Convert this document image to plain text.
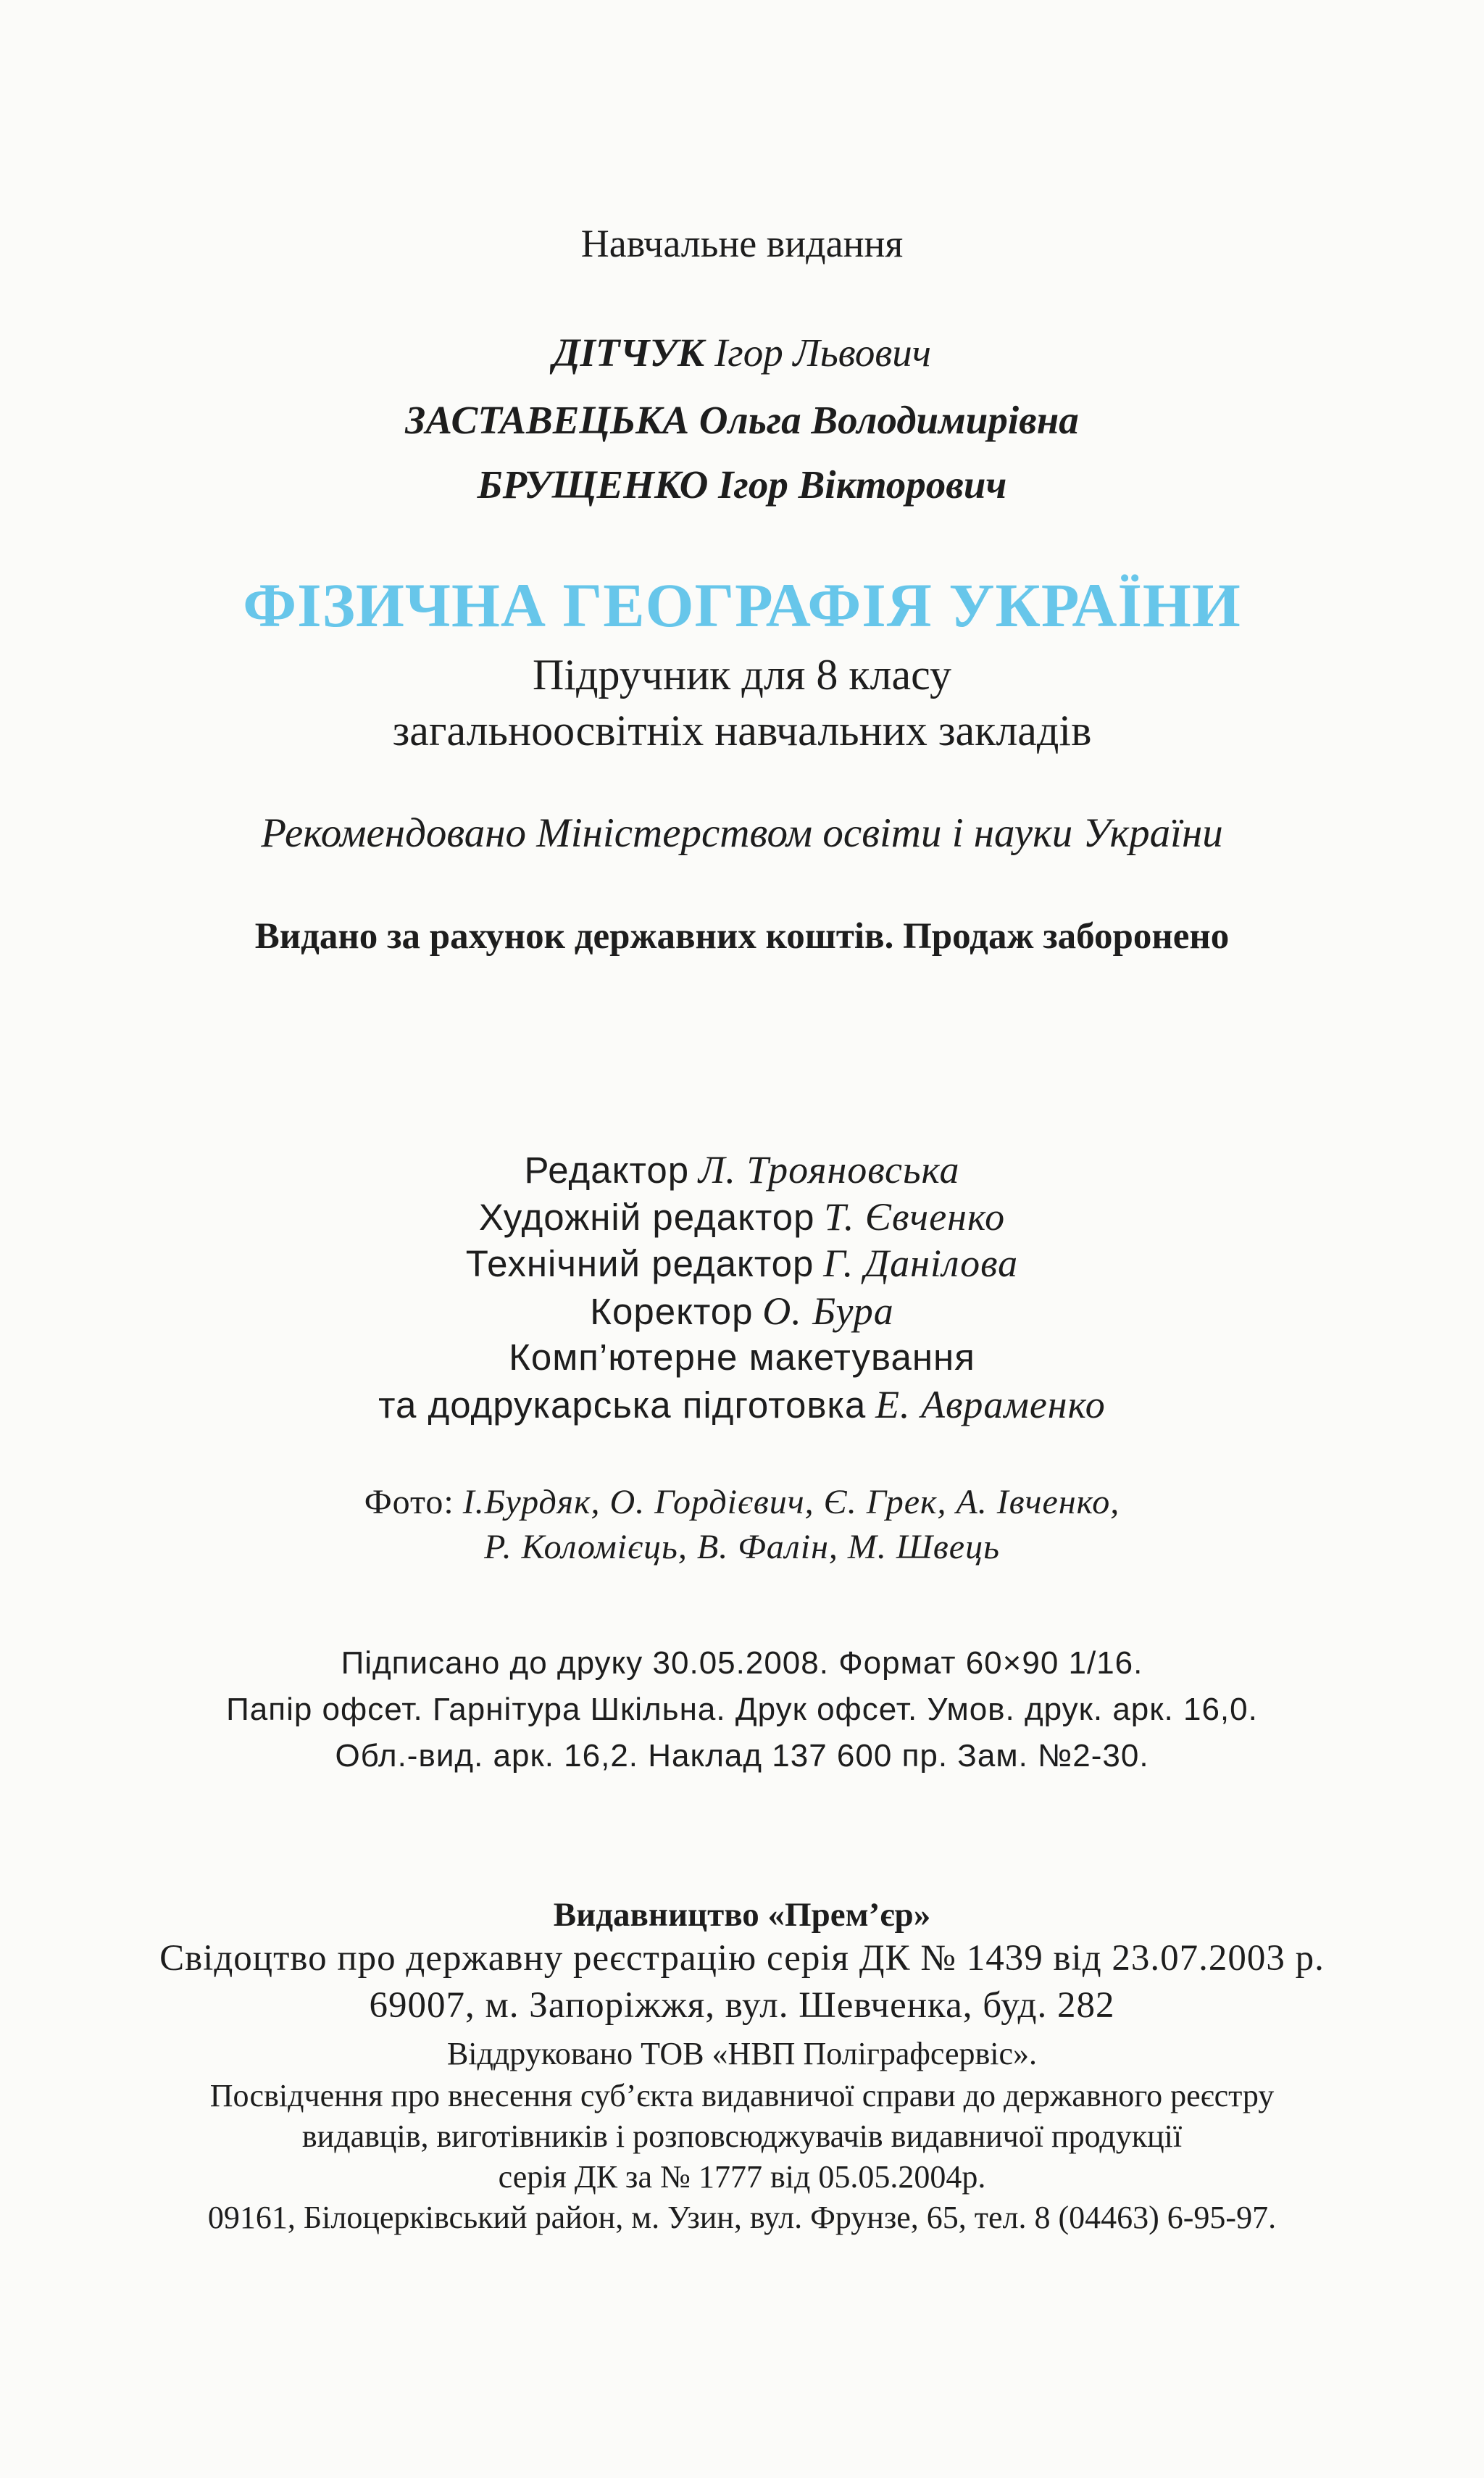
Навчальне видання
ДІТЧУК Ігор Львович
ЗАСТАВЕЦЬКА Ольга Володимирівна
БРУЩЕНКО Ігор Вікторович
ФІЗИЧНА ГЕОГРАФІЯ УКРАЇНИ
Підручник для 8 класу
загальноосвітніх навчальних закладів
Рекомендовано Міністерством освіти і науки України
Видано за рахунок державних коштів. Продаж заборонено
Редактор Л. Трояновська
Художній редактор Т. Євченко
Технічний редактор Г. Данілова
Коректор О. Бура
Комп’ютерне макетування
та додрукарська підготовка Е. Авраменко
Фото: І.Бурдяк, О. Гордієвич, Є. Грек, А. Івченко,
Р. Коломієць, В. Фалін, М. Швець
Підписано до друку 30.05.2008. Формат 60×90 1/16.
Папір офсет. Гарнітура Шкільна. Друк офсет. Умов. друк. арк. 16,0.
Обл.-вид. арк. 16,2. Наклад 137 600 пр. Зам. №2-30.
Видавництво «Прем’єр»
Свідоцтво про державну реєстрацію серія ДК № 1439 від 23.07.2003 р.
69007, м. Запоріжжя, вул. Шевченка, буд. 282
Віддруковано ТОВ «НВП Поліграфсервіс».
Посвідчення про внесення суб’єкта видавничої справи до державного реєстру
видавців, виготівників і розповсюджувачів видавничої продукції
серія ДК за № 1777 від 05.05.2004р.
09161, Білоцерківський район, м. Узин, вул. Фрунзе, 65, тел. 8 (04463) 6-95-97.
